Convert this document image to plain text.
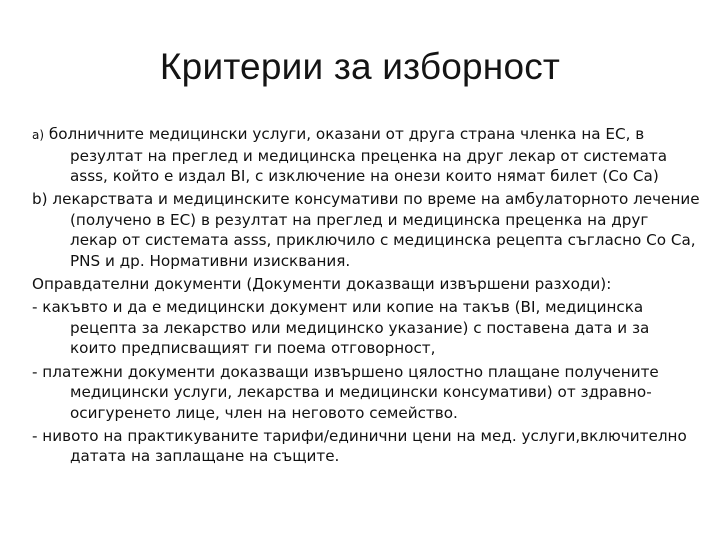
Критерии за изборност

a) болничните медицински услуги, оказани от друга страна членка на ЕС, в резултат на преглед и медицинска преценка на друг лекар от системата asss, който е издал BI, с изключение на онези които нямат билет (Со Са)

b) лекарствата и медицинските консумативи по време на амбулаторното лечение (получено в ЕС) в резултат на преглед и медицинска преценка на друг лекар от системата asss, приключило с медицинска рецепта съгласно Со Са, PNS и др. Нормативни изисквания.

Оправдателни документи (Документи доказващи извършени разходи):

- какъвто и да е медицински документ или копие на такъв (BI, медицинска рецепта за лекарство или медицинско указание) с поставена дата и за които предписващият ги поема отговорност,

- платежни документи доказващи извършено цялостно плащане получените медицински услуги, лекарства и медицински консумативи) от здравно-осигуренето лице, член на неговото семейство.

- нивото на практикуваните тарифи/единични цени на мед. услуги,включително датата на заплащане на същите.
